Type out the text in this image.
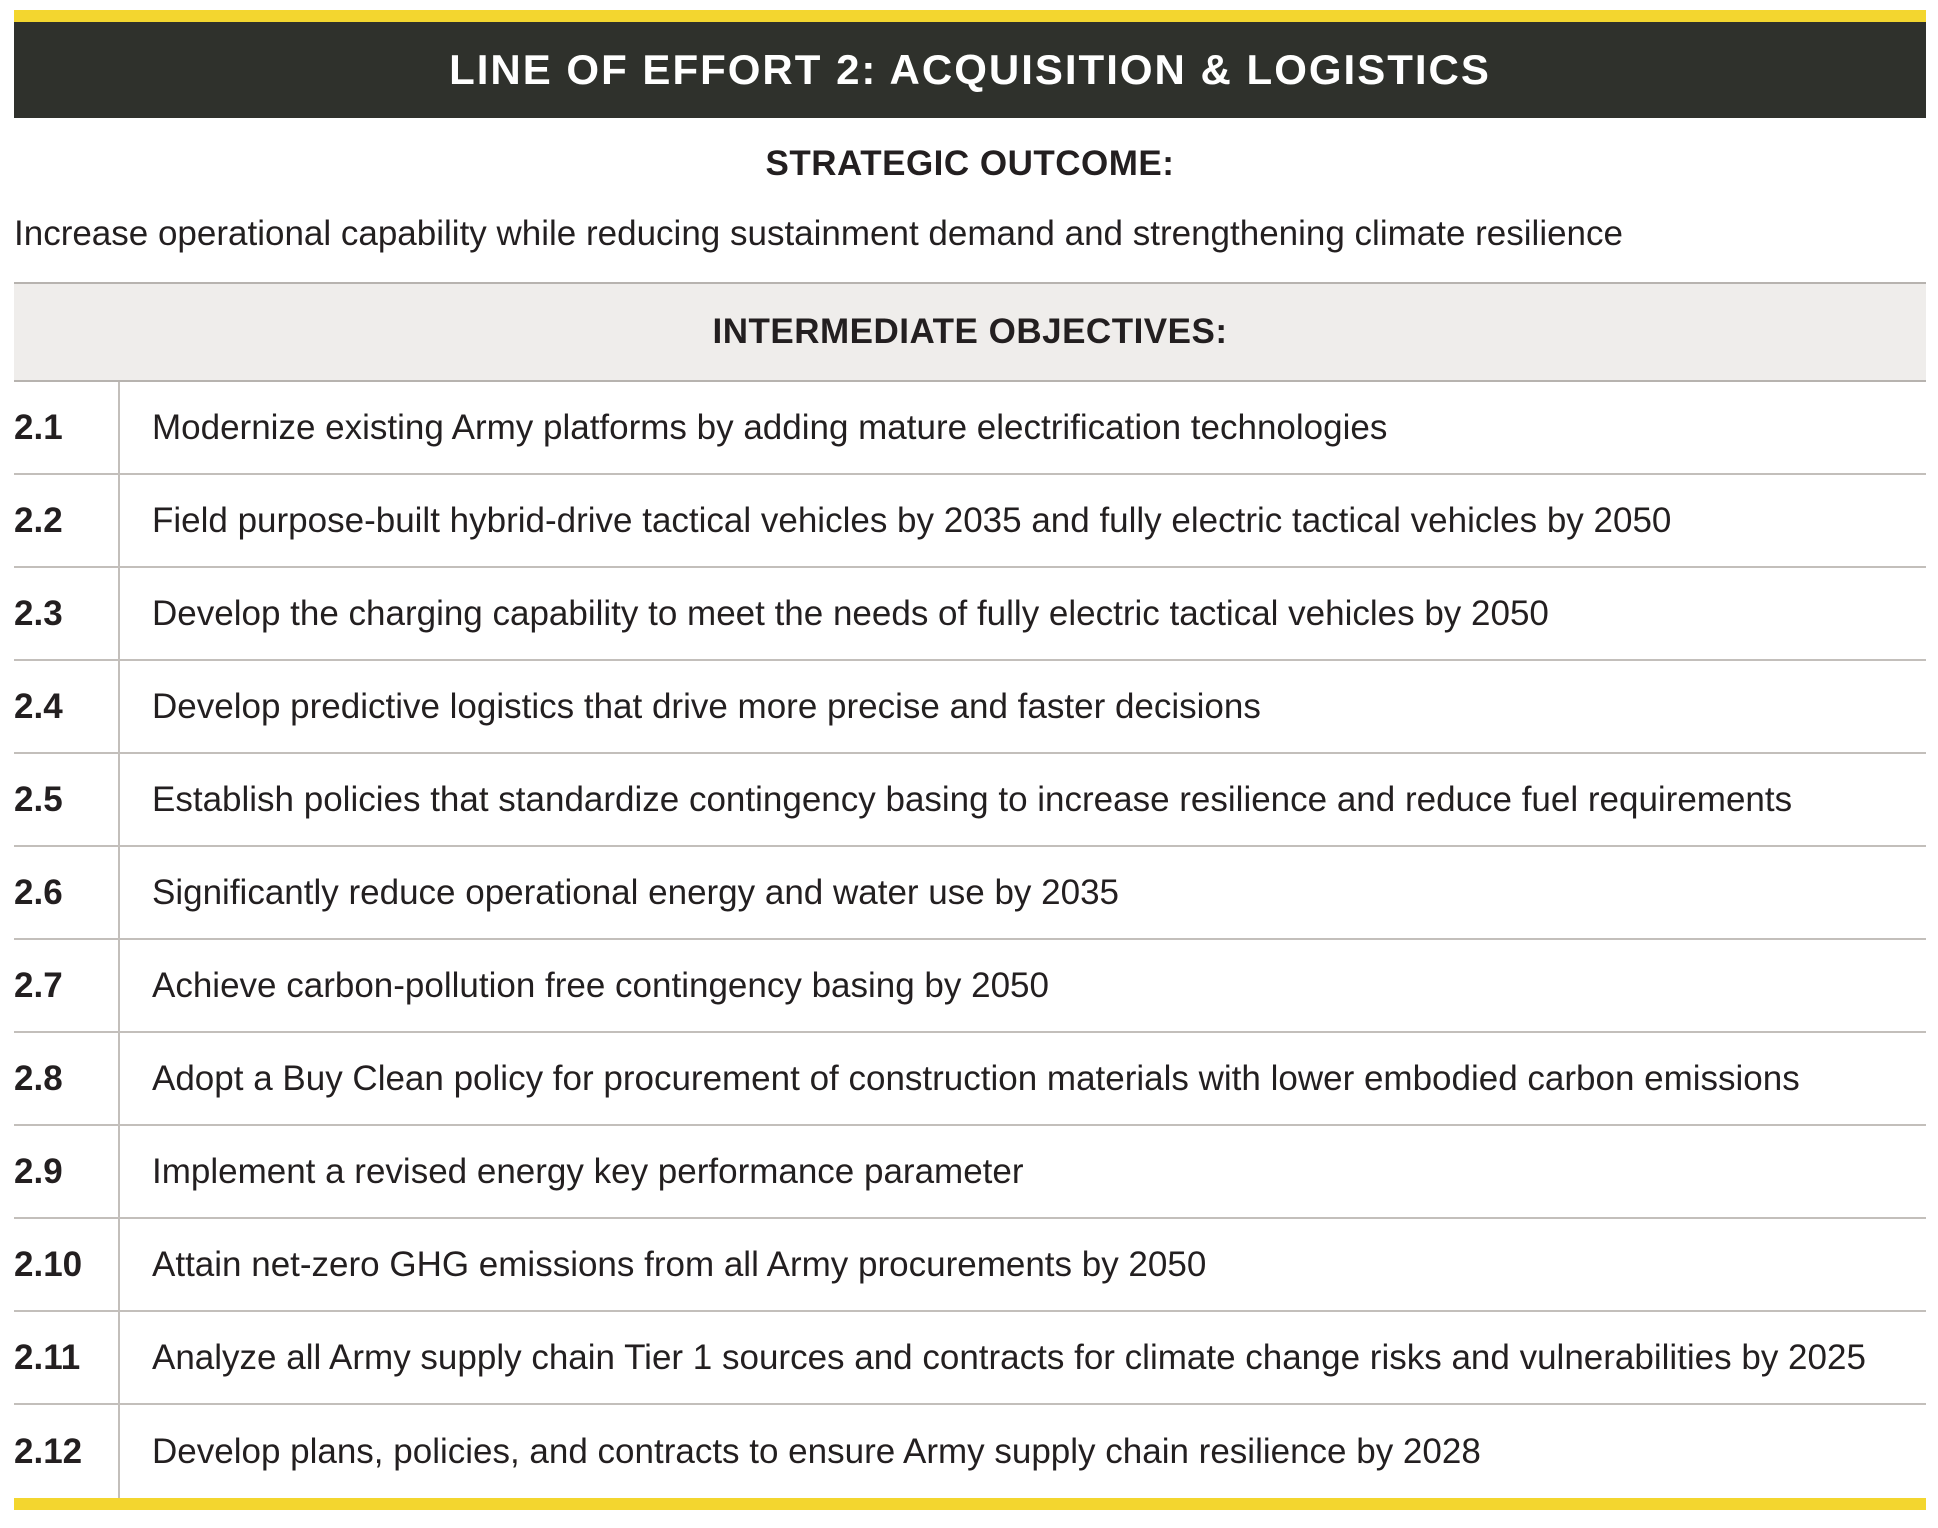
LINE OF EFFORT 2: ACQUISITION & LOGISTICS
STRATEGIC OUTCOME:
Increase operational capability while reducing sustainment demand and strengthening climate resilience
INTERMEDIATE OBJECTIVES:
2.1	Modernize existing Army platforms by adding mature electrification technologies
2.2	Field purpose-built hybrid-drive tactical vehicles by 2035 and fully electric tactical vehicles by 2050
2.3	Develop the charging capability to meet the needs of fully electric tactical vehicles by 2050
2.4	Develop predictive logistics that drive more precise and faster decisions
2.5	Establish policies that standardize contingency basing to increase resilience and reduce fuel requirements
2.6	Significantly reduce operational energy and water use by 2035
2.7	Achieve carbon-pollution free contingency basing by 2050
2.8	Adopt a Buy Clean policy for procurement of construction materials with lower embodied carbon emissions
2.9	Implement a revised energy key performance parameter
2.10	Attain net-zero GHG emissions from all Army procurements by 2050
2.11	Analyze all Army supply chain Tier 1 sources and contracts for climate change risks and vulnerabilities by 2025
2.12	Develop plans, policies, and contracts to ensure Army supply chain resilience by 2028
